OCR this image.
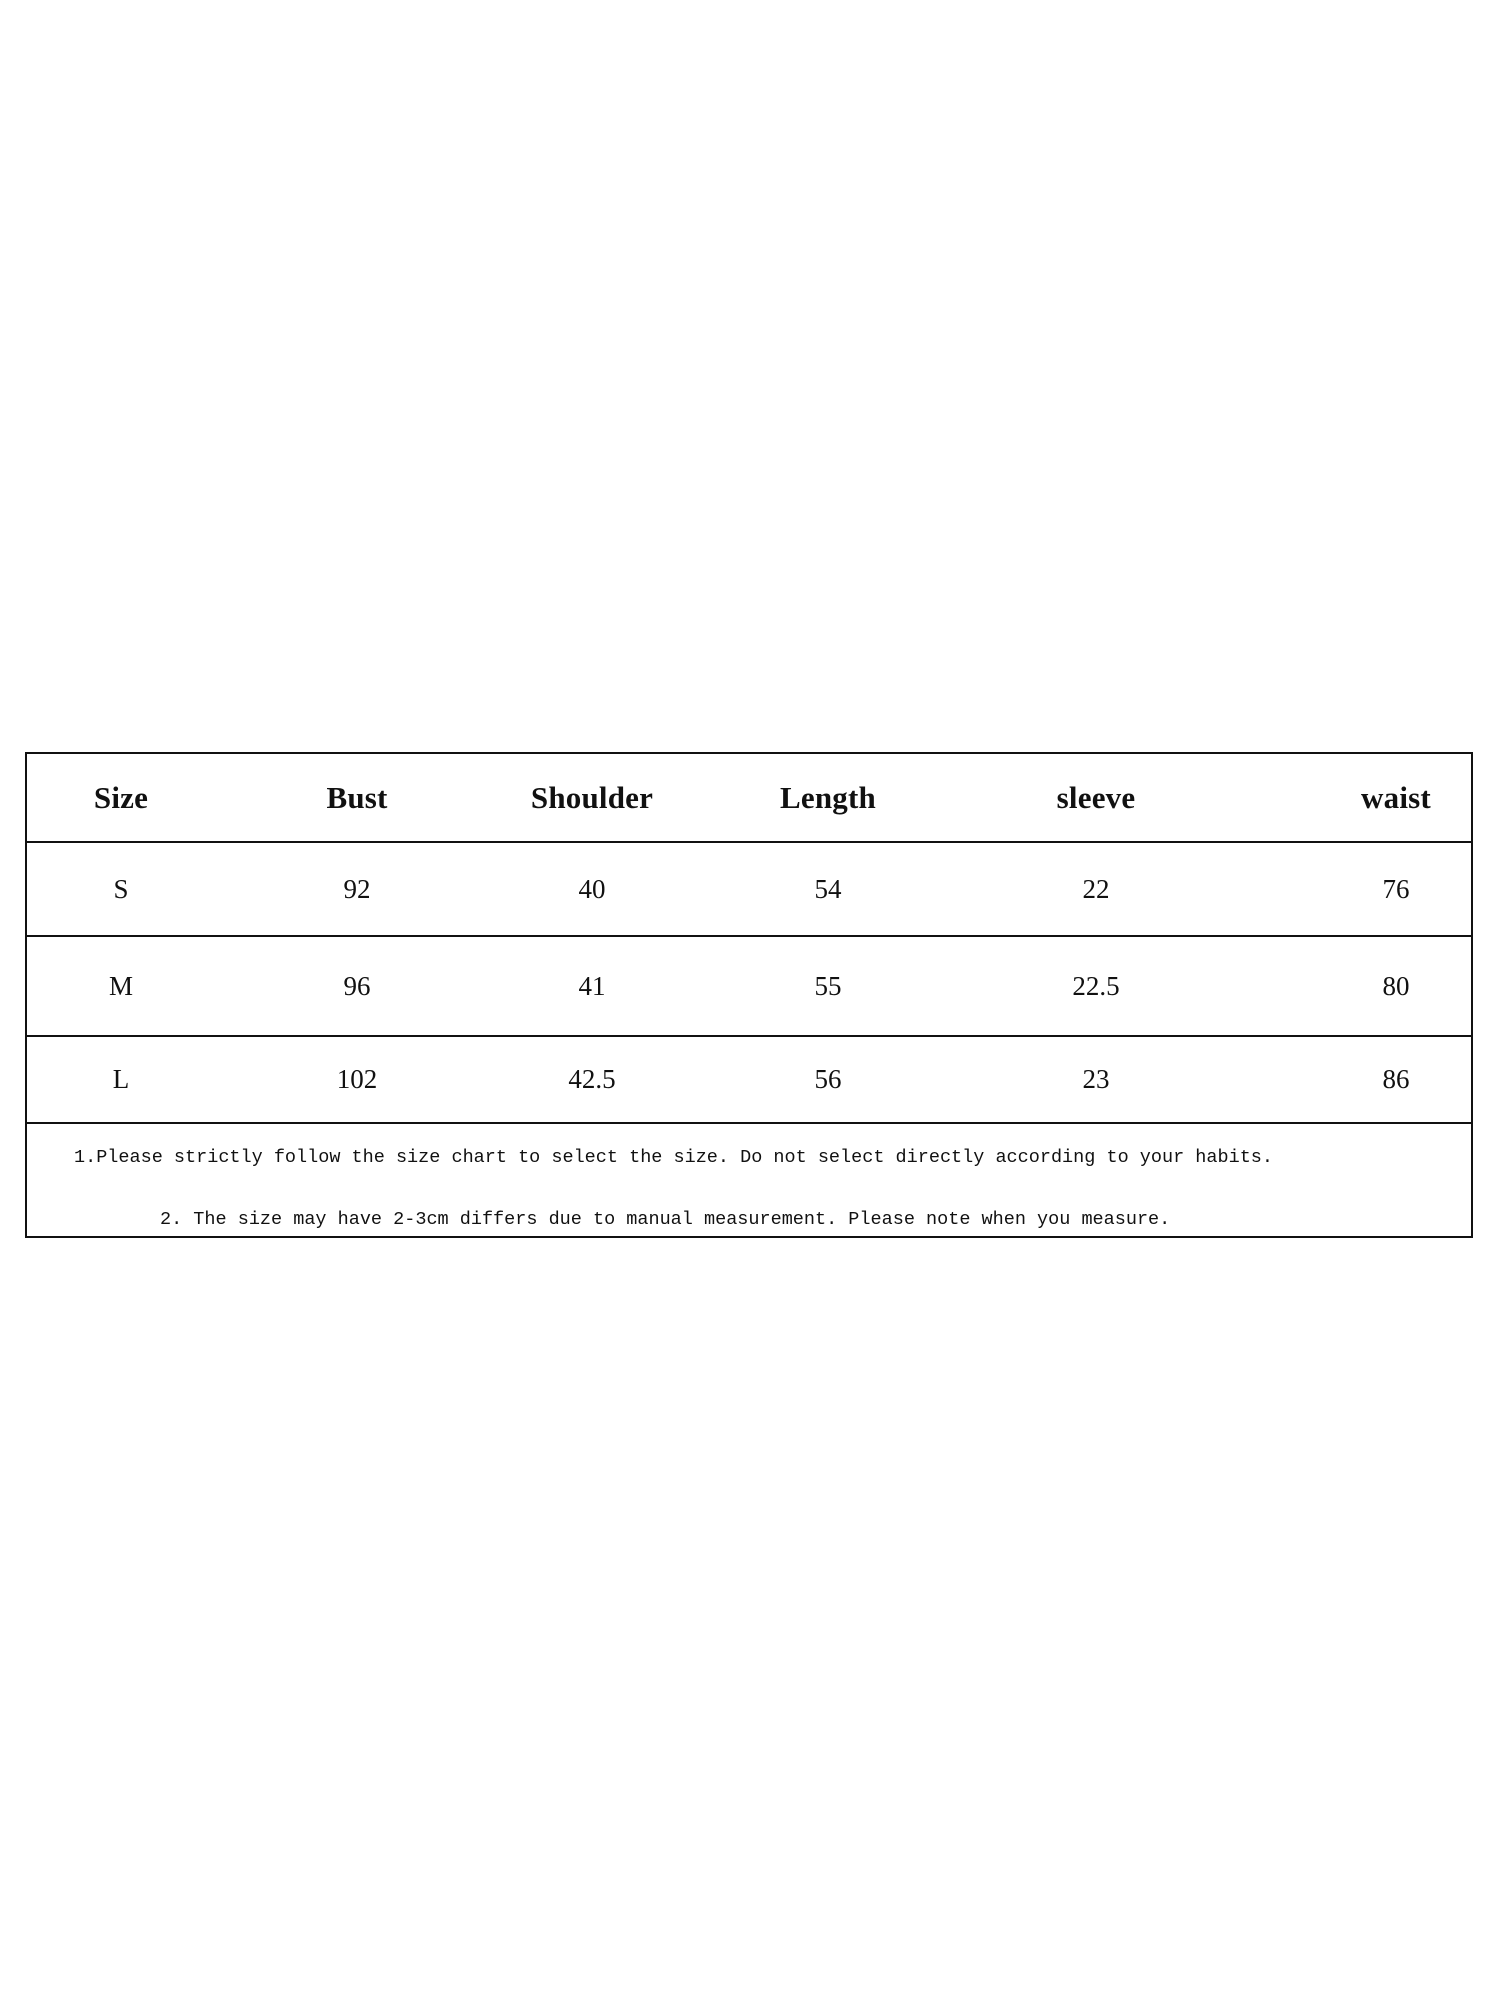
Size	Bust	Shoulder	Length	sleeve	waist
S	92	40	54	22	76
M	96	41	55	22.5	80
L	102	42.5	56	23	86
1.Please strictly follow the size chart to select the size. Do not select directly according to your habits.
2. The size may have 2-3cm differs due to manual measurement. Please note when you measure.
